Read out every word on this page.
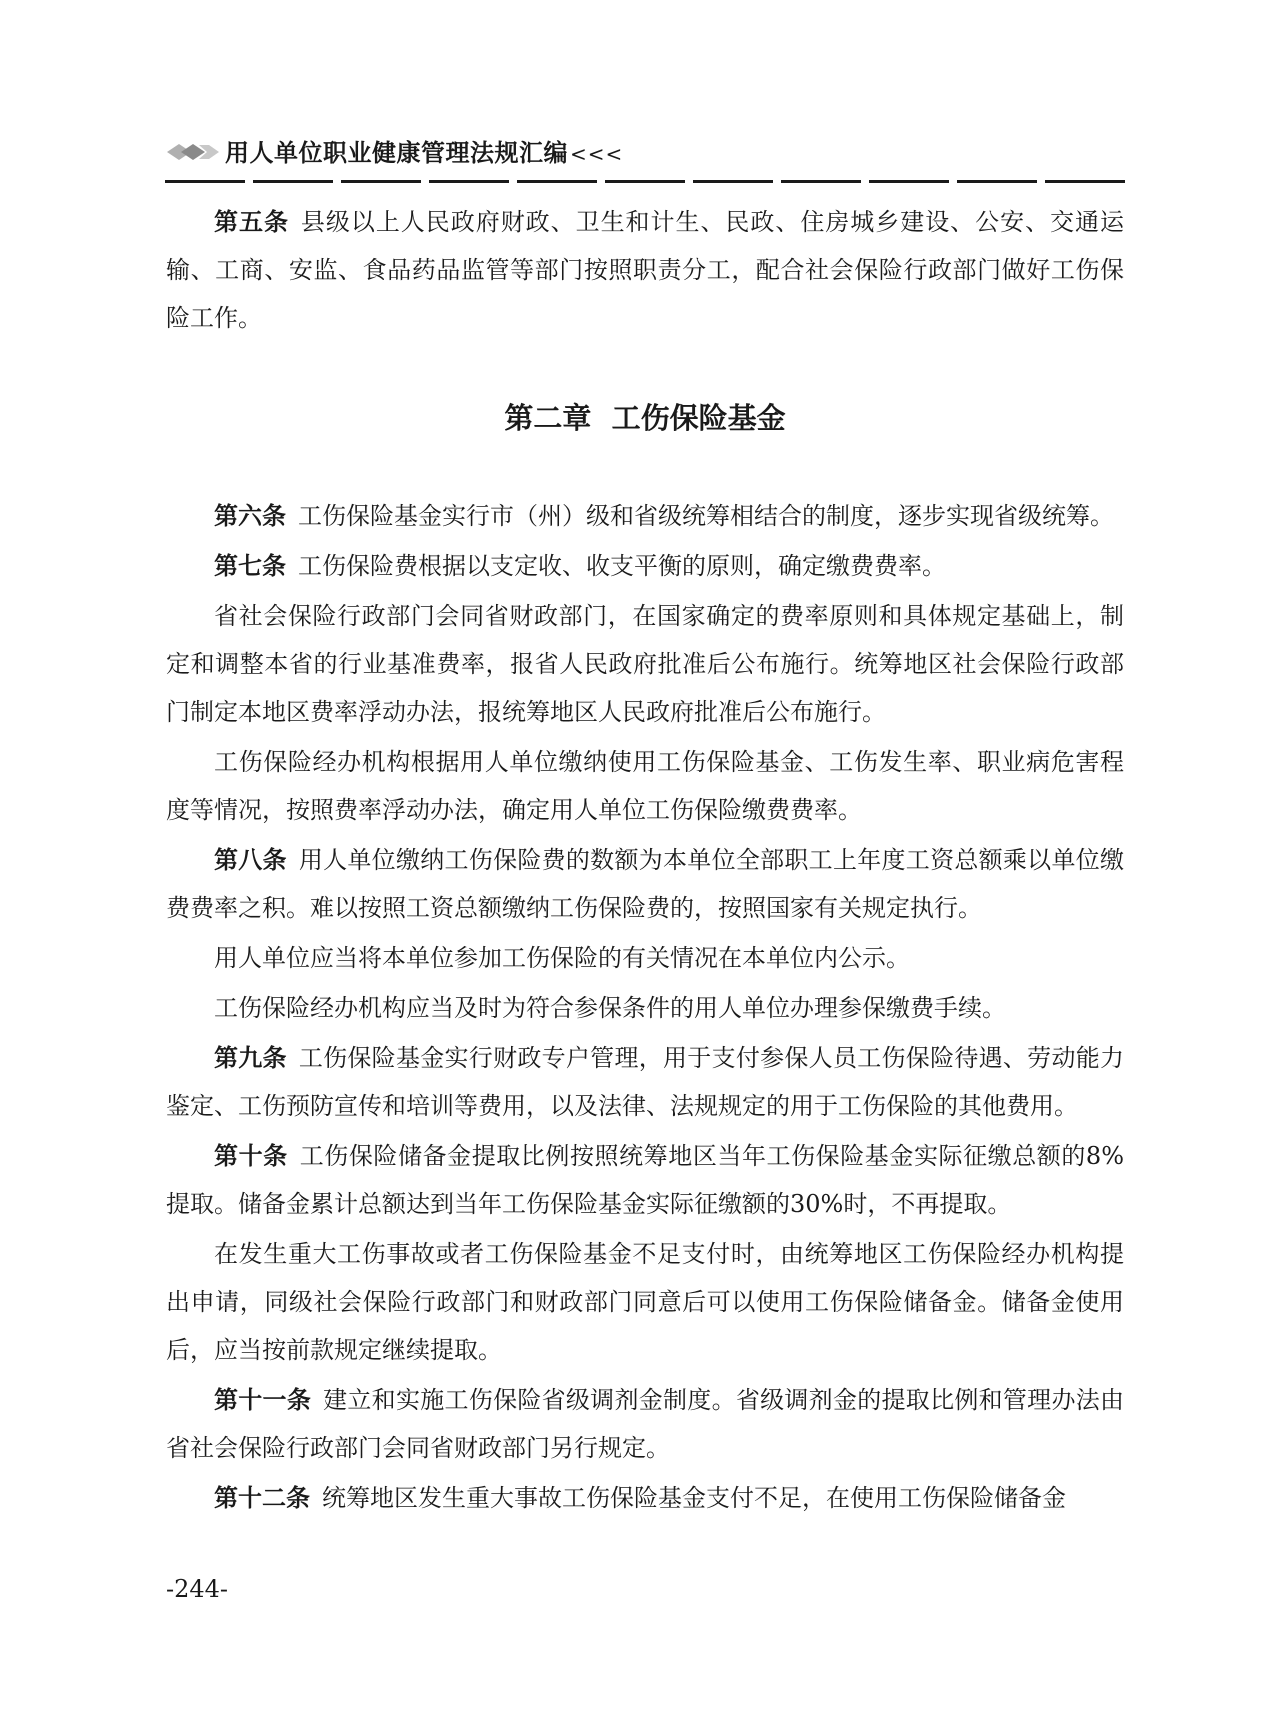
用人单位职业健康管理法规汇编 <<<

第五条 县级以上人民政府财政、卫生和计生、民政、住房城乡建设、公安、交通运输、工商、安监、食品药品监管等部门按照职责分工，配合社会保险行政部门做好工伤保险工作。

第二章 工伤保险基金

第六条 工伤保险基金实行市（州）级和省级统筹相结合的制度，逐步实现省级统筹。

第七条 工伤保险费根据以支定收、收支平衡的原则，确定缴费费率。

省社会保险行政部门会同省财政部门，在国家确定的费率原则和具体规定基础上，制定和调整本省的行业基准费率，报省人民政府批准后公布施行。统筹地区社会保险行政部门制定本地区费率浮动办法，报统筹地区人民政府批准后公布施行。

工伤保险经办机构根据用人单位缴纳使用工伤保险基金、工伤发生率、职业病危害程度等情况，按照费率浮动办法，确定用人单位工伤保险缴费费率。

第八条 用人单位缴纳工伤保险费的数额为本单位全部职工上年度工资总额乘以单位缴费费率之积。难以按照工资总额缴纳工伤保险费的，按照国家有关规定执行。

用人单位应当将本单位参加工伤保险的有关情况在本单位内公示。

工伤保险经办机构应当及时为符合参保条件的用人单位办理参保缴费手续。

第九条 工伤保险基金实行财政专户管理，用于支付参保人员工伤保险待遇、劳动能力鉴定、工伤预防宣传和培训等费用，以及法律、法规规定的用于工伤保险的其他费用。

第十条 工伤保险储备金提取比例按照统筹地区当年工伤保险基金实际征缴总额的8%提取。储备金累计总额达到当年工伤保险基金实际征缴额的30%时，不再提取。

在发生重大工伤事故或者工伤保险基金不足支付时，由统筹地区工伤保险经办机构提出申请，同级社会保险行政部门和财政部门同意后可以使用工伤保险储备金。储备金使用后，应当按前款规定继续提取。

第十一条 建立和实施工伤保险省级调剂金制度。省级调剂金的提取比例和管理办法由省社会保险行政部门会同省财政部门另行规定。

第十二条 统筹地区发生重大事故工伤保险基金支付不足，在使用工伤保险储备金

-244-
